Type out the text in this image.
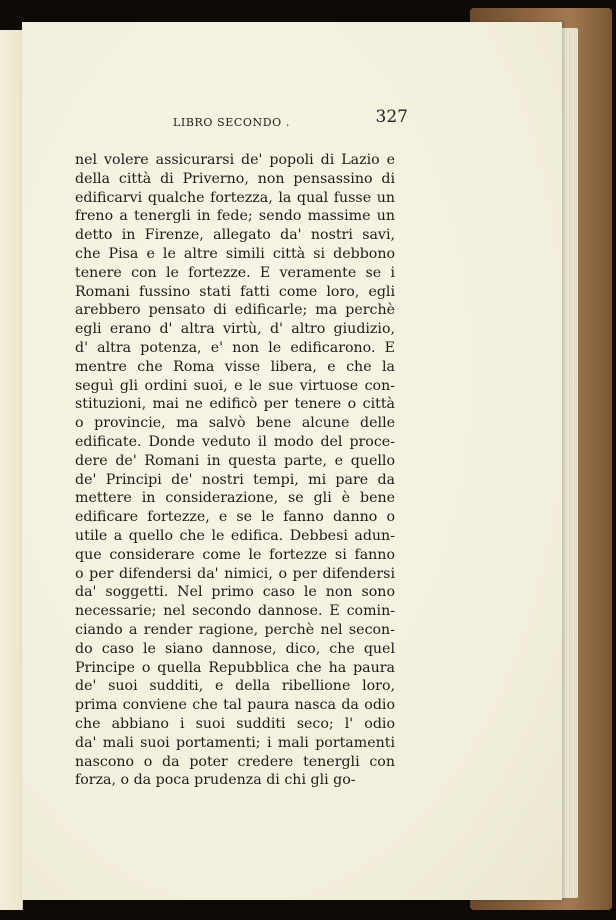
LIBRO SECONDO .	327
nel volere assicurarsi de' popoli di Lazio e
della città di Priverno, non pensassino di
edificarvi qualche fortezza, la qual fusse un
freno a tenergli in fede; sendo massime un
detto in Firenze, allegato da' nostri savi,
che Pisa e le altre simili città si debbono
tenere con le fortezze. E veramente se i
Romani fussino stati fatti come loro, egli
arebbero pensato di edificarle; ma perchè
egli erano d' altra virtù, d' altro giudizio,
d' altra potenza, e' non le edificarono. E
mentre che Roma visse libera, e che la
seguì gli ordini suoi, e le sue virtuose con-
stituzioni, mai ne edificò per tenere o città
o provincie, ma salvò bene alcune delle
edificate. Donde veduto il modo del proce-
dere de' Romani in questa parte, e quello
de' Principi de' nostri tempi, mi pare da
mettere in considerazione, se gli è bene
edificare fortezze, e se le fanno danno o
utile a quello che le edifica. Debbesi adun-
que considerare come le fortezze si fanno
o per difendersi da' nimici, o per difendersi
da' soggetti. Nel primo caso le non sono
necessarie; nel secondo dannose. E comin-
ciando a render ragione, perchè nel secon-
do caso le siano dannose, dico, che quel
Principe o quella Repubblica che ha paura
de' suoi sudditi, e della ribellione loro,
prima conviene che tal paura nasca da odio
che abbiano i suoi sudditi seco; l' odio
da' mali suoi portamenti; i mali portamenti
nascono o da poter credere tenergli con
forza, o da poca prudenza di chi gli go-
